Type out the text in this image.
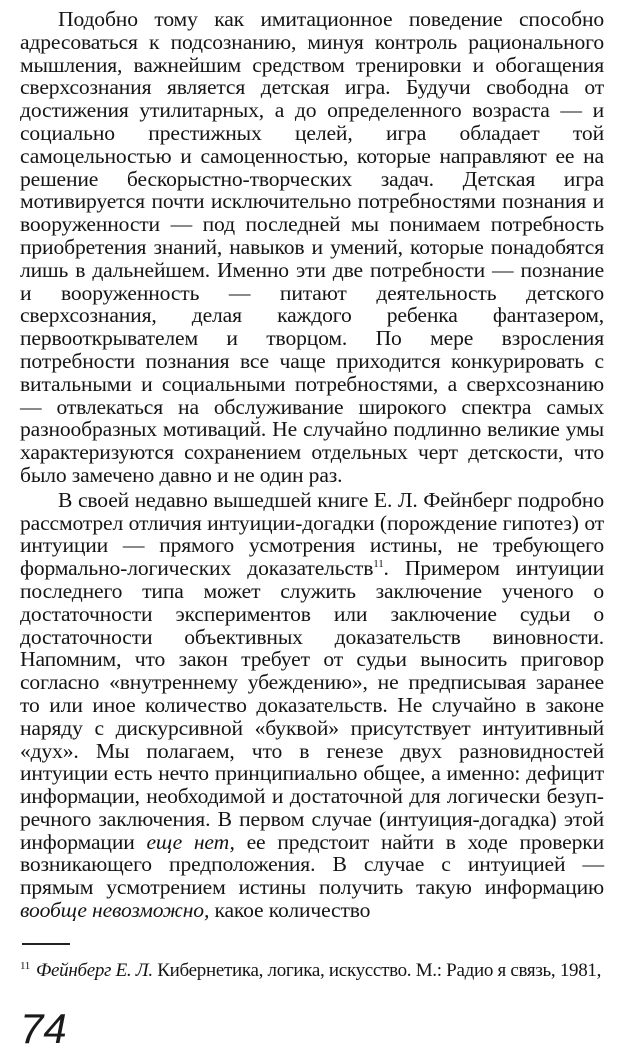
Подобно тому как имитационное поведение способно адресоваться к подсознанию, минуя контроль рационального мышления, важнейшим средством тренировки и обогащения сверхсознания является детская игра. Будучи свободна от достижения утилитарных, а до определенного возраста — и социально престижных целей, игра обладает той самоцельностью и самоценностью, которые направляют ее на решение бескорыстно-творческих задач. Детская игра мотивируется почти исключительно потребностями познания и вооруженности — под последней мы понимаем потребность приобретения знаний, навыков и умений, которые понадобятся лишь в дальнейшем. Именно эти две потребности — познание и вооруженность — питают деятельность детского сверхсознания, делая каждого ребенка фантазером, первооткрывателем и творцом. По мере взросления потребности познания все чаще приходится конкурировать с витальными и социальными потребностями, а сверхсознанию — отвлекаться на обслуживание широкого спектра самых разнообразных мотиваций. Не случайно подлинно великие умы характеризуются сохранением отдельных черт детскости, что было замечено давно и не один раз.

В своей недавно вышедшей книге Е. Л. Фейнберг подробно рассмотрел отличия интуиции-догадки (порождение гипотез) от интуиции — прямого усмотрения истины, не требующего формально-логических доказательств$^{11}$. Примером интуиции последнего типа может служить заключение ученого о достаточности экспериментов или заключение судьи о достаточности объективных доказательств виновности. Напомним, что закон требует от судьи выносить приговор согласно «внутреннему убеждению», не предписывая заранее то или иное количество доказательств. Не случайно в законе наряду с дискурсивной «буквой» присутствует интуитивный «дух». Мы полагаем, что в генезе двух разновидностей интуиции есть нечто принципиально общее, а именно: дефицит информации, необходимой и достаточной для логически безупречного заключения. В первом случае (интуиция-догадка) этой информации еще нет, ее предстоит найти в ходе проверки возникающего предположения. В случае с интуицией — прямым усмотрением истины получить такую информацию вообще невозможно, какое количество

$^{11}$ Фейнберг Е. Л. Кибернетика, логика, искусство. М.: Радио я связь, 1981,
74
